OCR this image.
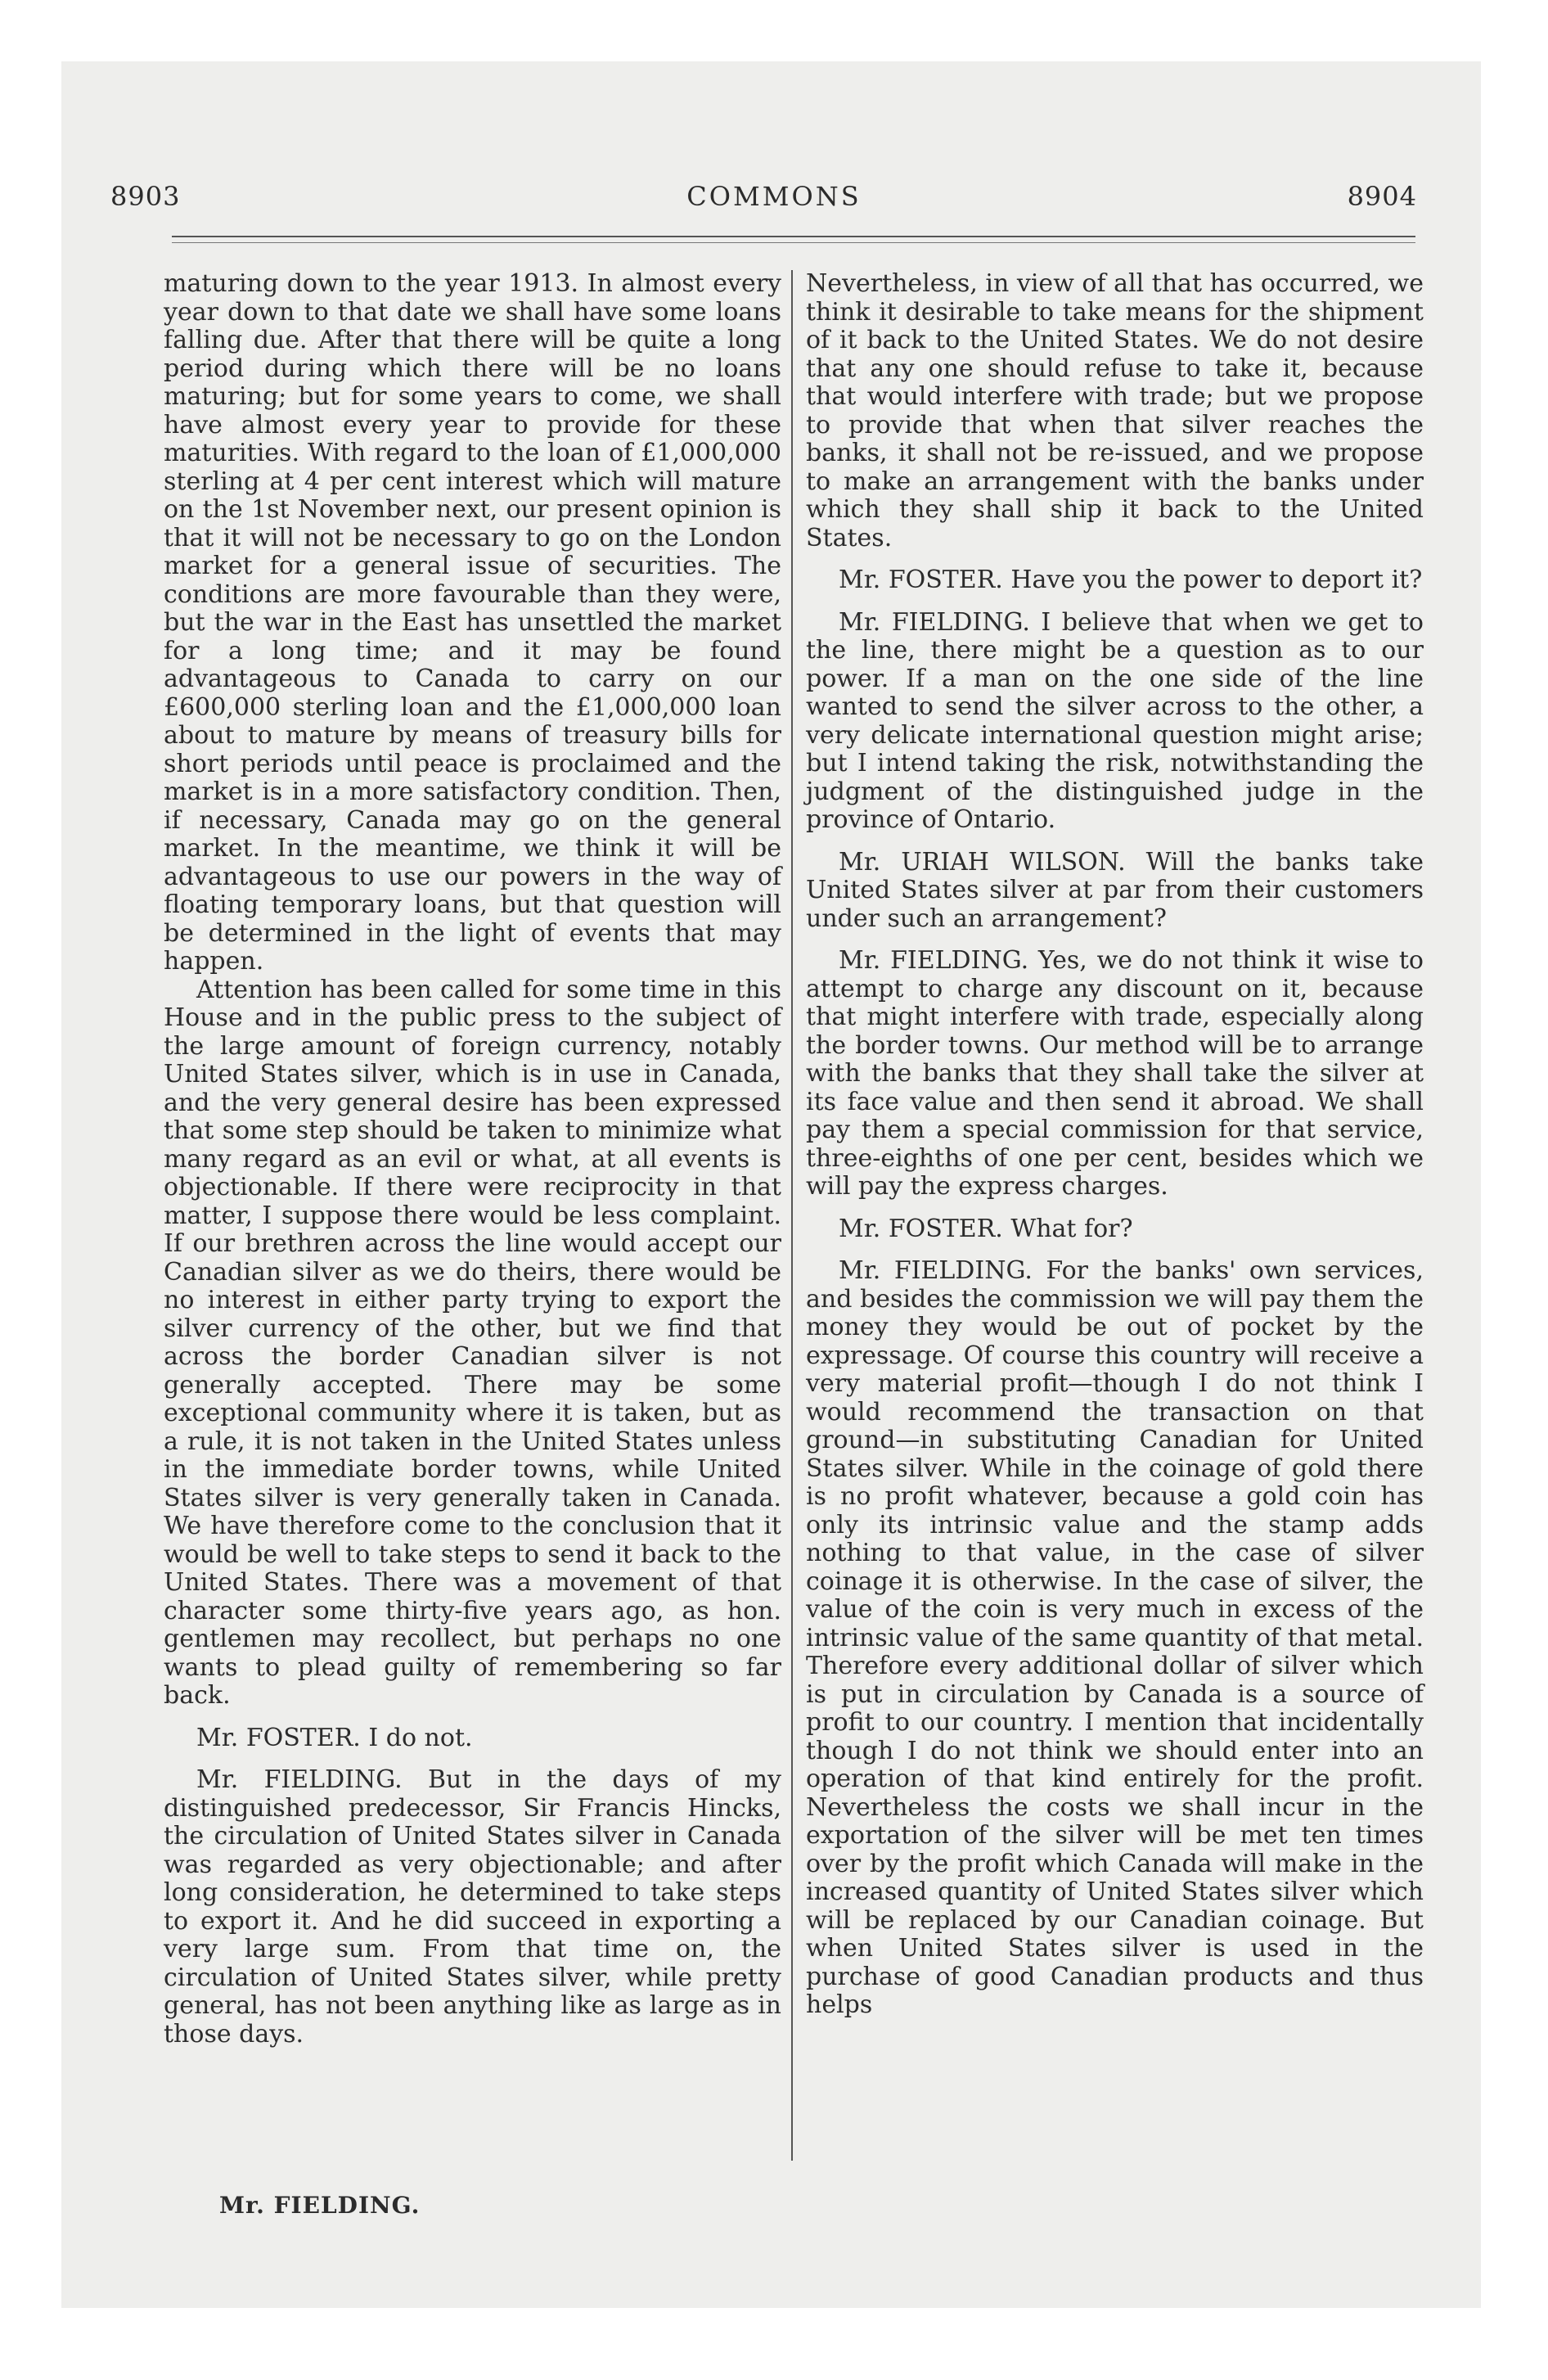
8903	COMMONS	8904

maturing down to the year 1913. In almost every year down to that date we shall have some loans falling due. After that there will be quite a long period during which there will be no loans maturing; but for some years to come, we shall have almost every year to provide for these maturities. With regard to the loan of £1,000,000 sterling at 4 per cent interest which will mature on the 1st November next, our present opinion is that it will not be necessary to go on the London market for a general issue of securities. The conditions are more favourable than they were, but the war in the East has unsettled the market for a long time; and it may be found advantageous to Canada to carry on our £600,000 sterling loan and the £1,000,000 loan about to mature by means of treasury bills for short periods until peace is proclaimed and the market is in a more satisfactory condition. Then, if necessary, Canada may go on the general market. In the meantime, we think it will be advantageous to use our powers in the way of floating temporary loans, but that question will be determined in the light of events that may happen.

Attention has been called for some time in this House and in the public press to the subject of the large amount of foreign currency, notably United States silver, which is in use in Canada, and the very general desire has been expressed that some step should be taken to minimize what many regard as an evil or what, at all events is objectionable. If there were reciprocity in that matter, I suppose there would be less complaint. If our brethren across the line would accept our Canadian silver as we do theirs, there would be no interest in either party trying to export the silver currency of the other, but we find that across the border Canadian silver is not generally accepted. There may be some exceptional community where it is taken, but as a rule, it is not taken in the United States unless in the immediate border towns, while United States silver is very generally taken in Canada. We have therefore come to the conclusion that it would be well to take steps to send it back to the United States. There was a movement of that character some thirty-five years ago, as hon. gentlemen may recollect, but perhaps no one wants to plead guilty of remembering so far back.

Mr. FOSTER. I do not.

Mr. FIELDING. But in the days of my distinguished predecessor, Sir Francis Hincks, the circulation of United States silver in Canada was regarded as very objectionable; and after long consideration, he determined to take steps to export it. And he did succeed in exporting a very large sum. From that time on, the circulation of United States silver, while pretty general, has not been anything like as large as in those days.

Nevertheless, in view of all that has occurred, we think it desirable to take means for the shipment of it back to the United States. We do not desire that any one should refuse to take it, because that would interfere with trade; but we propose to provide that when that silver reaches the banks, it shall not be re-issued, and we propose to make an arrangement with the banks under which they shall ship it back to the United States.

Mr. FOSTER. Have you the power to deport it?

Mr. FIELDING. I believe that when we get to the line, there might be a question as to our power. If a man on the one side of the line wanted to send the silver across to the other, a very delicate international question might arise; but I intend taking the risk, notwithstanding the judgment of the distinguished judge in the province of Ontario.

Mr. URIAH WILSON. Will the banks take United States silver at par from their customers under such an arrangement?

Mr. FIELDING. Yes, we do not think it wise to attempt to charge any discount on it, because that might interfere with trade, especially along the border towns. Our method will be to arrange with the banks that they shall take the silver at its face value and then send it abroad. We shall pay them a special commission for that service, three-eighths of one per cent, besides which we will pay the express charges.

Mr. FOSTER. What for?

Mr. FIELDING. For the banks' own services, and besides the commission we will pay them the money they would be out of pocket by the expressage. Of course this country will receive a very material profit—though I do not think I would recommend the transaction on that ground—in substituting Canadian for United States silver. While in the coinage of gold there is no profit whatever, because a gold coin has only its intrinsic value and the stamp adds nothing to that value, in the case of silver coinage it is otherwise. In the case of silver, the value of the coin is very much in excess of the intrinsic value of the same quantity of that metal. Therefore every additional dollar of silver which is put in circulation by Canada is a source of profit to our country. I mention that incidentally though I do not think we should enter into an operation of that kind entirely for the profit. Nevertheless the costs we shall incur in the exportation of the silver will be met ten times over by the profit which Canada will make in the increased quantity of United States silver which will be replaced by our Canadian coinage. But when United States silver is used in the purchase of good Canadian products and thus helps

Mr. FIELDING.
